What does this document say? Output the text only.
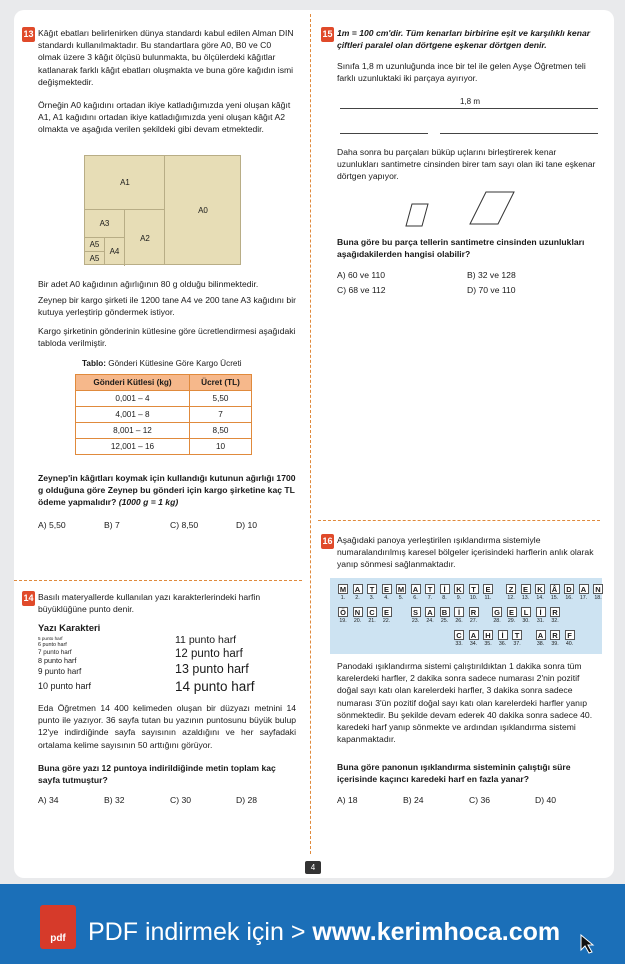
13 Kâğıt ebatları belirlenirken dünya standardı kabul edilen Alman DIN standardı kullanılmaktadır. Bu standartlara göre A0, B0 ve C0 olmak üzere 3 kâğıt ölçüsü bulunmakta, bu ölçülerdeki kâğıtlar katlanarak farklı kâğıt ebatları oluşmakta ve buna göre kağıdın ismi değişmektedir.
Örneğin A0 kağıdını ortadan ikiye katladığımızda yeni oluşan kâğıt A1, A1 kağıdını ortadan ikiye katladığımızda yeni oluşan kâğıt A2 olmakta ve aşağıda verilen şekildeki gibi devam etmektedir.
A0
A1
A2
A3
A4
A5
A5
Bir adet A0 kağıdının ağırlığının 80 g olduğu bilinmektedir.
Zeynep bir kargo şirketi ile 1200 tane A4 ve 200 tane A3 kağıdını bir kutuya yerleştirip göndermek istiyor.
Kargo şirketinin gönderinin kütlesine göre ücretlendirmesi aşağıdaki tabloda verilmiştir.
Tablo: Gönderi Kütlesine Göre Kargo Ücreti
Gönderi Kütlesi (kg)	Ücret (TL)
0,001 – 4	5,50
4,001 – 8	7
8,001 – 12	8,50
12,001 – 16	10
Zeynep'in kâğıtları koymak için kullandığı kutunun ağırlığı 1700 g olduğuna göre Zeynep bu gönderi için kargo şirketine kaç TL ödeme yapmalıdır? (1000 g = 1 kg)
A) 5,50	B) 7	C) 8,50	D) 10
14 Basılı materyallerde kullanılan yazı karakterlerindeki harfin büyüklüğüne punto denir.
Yazı Karakteri
5 punto harf
6 punto harf
7 punto harf
8 punto harf
9 punto harf
10 punto harf
11 punto harf
12 punto harf
13 punto harf
14 punto harf
Eda Öğretmen 14 400 kelimeden oluşan bir düzyazı metnini 14 punto ile yazıyor. 36 sayfa tutan bu yazının puntosunu büyük bulup 12'ye indirdiğinde sayfa sayısının azaldığını ve her sayfadaki ortalama kelime sayısının 50 arttığını görüyor.
Buna göre yazı 12 puntoya indirildiğinde metin toplam kaç sayfa tutmuştur?
A) 34	B) 32	C) 30	D) 28
15 1m = 100 cm'dir. Tüm kenarları birbirine eşit ve karşılıklı kenar çiftleri paralel olan dörtgene eşkenar dörtgen denir.
Sınıfa 1,8 m uzunluğunda ince bir tel ile gelen Ayşe Öğretmen teli farklı uzunluktaki iki parçaya ayırıyor.
1,8 m
Daha sonra bu parçaları büküp uçlarını birleştirerek kenar uzunlukları santimetre cinsinden birer tam sayı olan iki tane eşkenar dörtgen yapıyor.
Buna göre bu parça tellerin santimetre cinsinden uzunlukları aşağıdakilerden hangisi olabilir?
A) 60 ve 110	B) 32 ve 128
C) 68 ve 112	D) 70 ve 110
16 Aşağıdaki panoya yerleştirilen ışıklandırma sistemiyle numaralandırılmış karesel bölgeler içerisindeki harflerin anlık olarak yanıp sönmesi sağlanmaktadır.
M
1.
A
2.
T
3.
E
4.
M
5.
A
6.
T
7.
İ
8.
K
9.
T
10.
E
11.
Z
12.
E
13.
K
14.
Â
15.
D
16.
A
17.
N
18.
Ö
19.
N
20.
C
21.
E
22.
S
23.
A
24.
B
25.
İ
26.
R
27.
G
28.
E
29.
L
30.
İ
31.
R
32.
C
33.
A
34.
H
35.
İ
36.
T
37.
A
38.
R
39.
F
40.
Panodaki ışıklandırma sistemi çalıştırıldıktan 1 dakika sonra tüm karelerdeki harfler, 2 dakika sonra sadece numarası 2'nin pozitif doğal sayı katı olan karelerdeki harfler, 3 dakika sonra sadece numarası 3'ün pozitif doğal sayı katı olan karelerdeki harfler yanıp sönmektedir. Bu şekilde devam ederek 40 dakika sonra sadece 40. karedeki harf yanıp sönmekte ve ardından ışıklandırma sistemi kapanmaktadır.
Buna göre panonun ışıklandırma sisteminin çalıştığı süre içerisinde kaçıncı karedeki harf en fazla yanar?
A) 18	B) 24	C) 36	D) 40
4
pdf PDF indirmek için > www.kerimhoca.com
